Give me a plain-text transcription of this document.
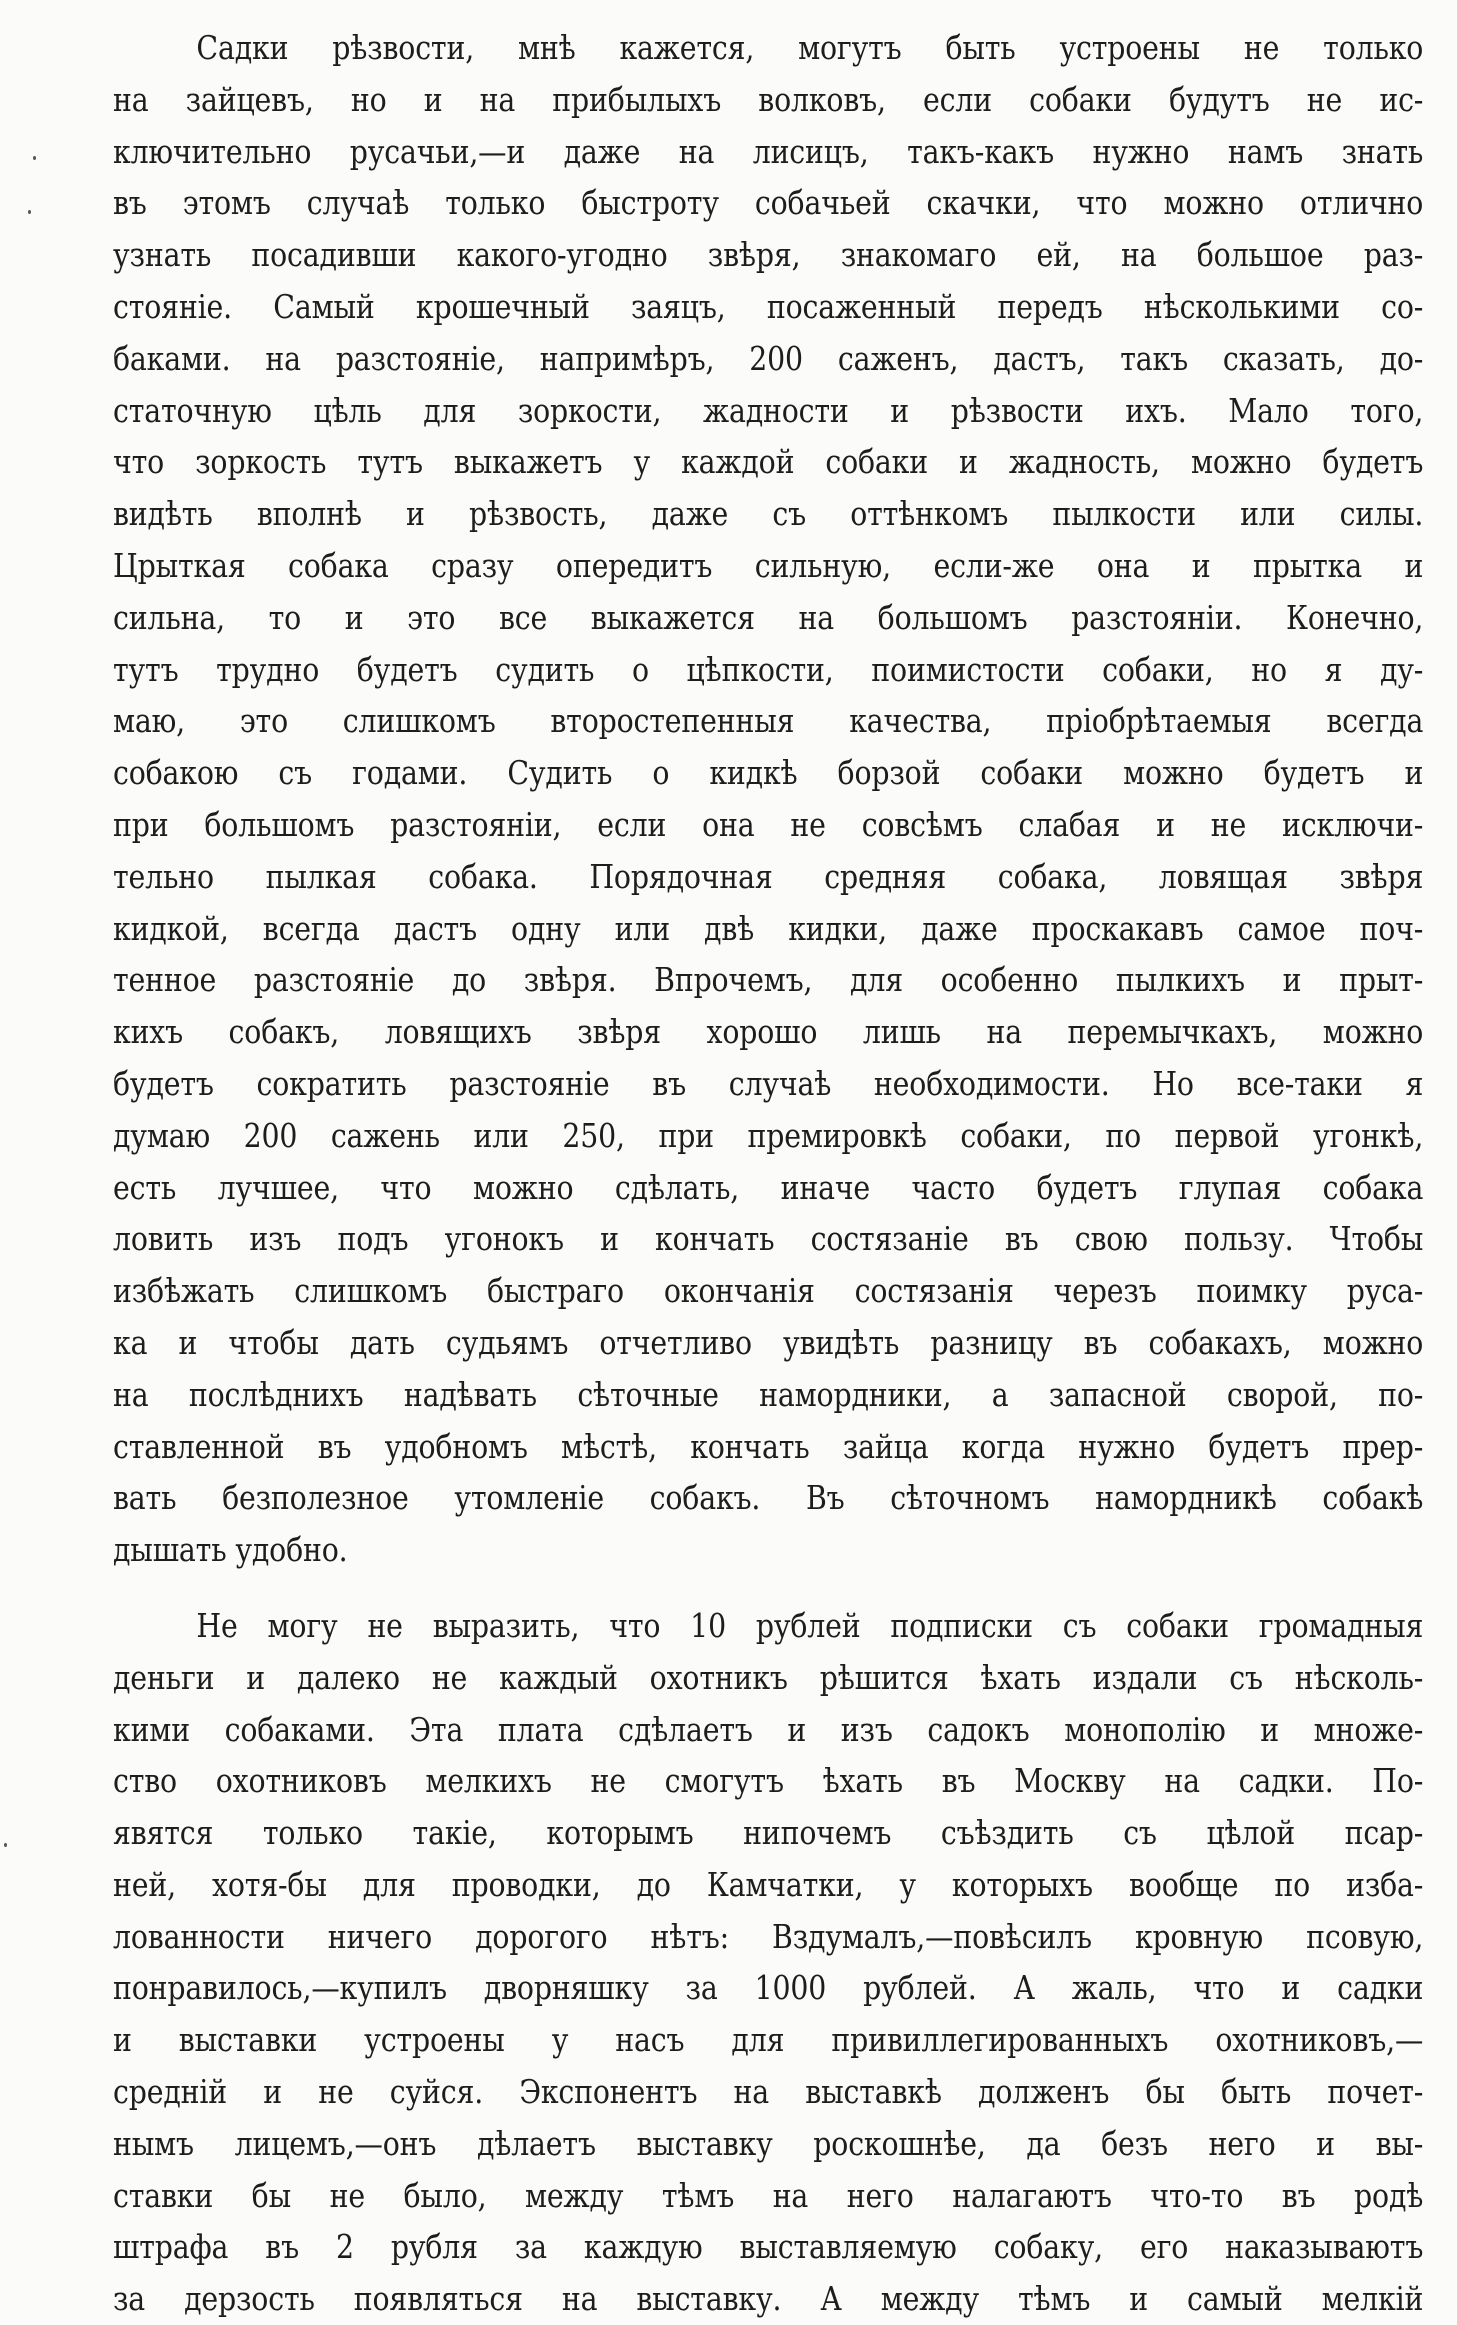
Садки рѣзвости, мнѣ кажется, могутъ быть устроены не только
на зайцевъ, но и на прибылыхъ волковъ, если собаки будутъ не ис-
ключительно русачьи,—и даже на лисицъ, такъ-какъ нужно намъ знать
въ этомъ случаѣ только быстроту собачьей скачки, что можно отлично
узнать посадивши какого-угодно звѣря, знакомаго ей, на большое раз-
стояніе. Самый крошечный заяцъ, посаженный передъ нѣсколькими со-
баками. на разстояніе, напримѣръ, 200 саженъ, дастъ, такъ сказать, до-
статочную цѣль для зоркости, жадности и рѣзвости ихъ. Мало того,
что зоркость тутъ выкажетъ у каждой собаки и жадность, можно будетъ
видѣть вполнѣ и рѣзвость, даже съ оттѣнкомъ пылкости или силы.
Црыткая собака сразу опередитъ сильную, если-же она и прытка и
сильна, то и это все выкажется на большомъ разстояніи. Конечно,
тутъ трудно будетъ судить о цѣпкости, поимистости собаки, но я ду-
маю, это слишкомъ второстепенныя качества, пріобрѣтаемыя всегда
собакою съ годами. Судить о кидкѣ борзой собаки можно будетъ и
при большомъ разстояніи, если она не совсѣмъ слабая и не исключи-
тельно пылкая собака. Порядочная средняя собака, ловящая звѣря
кидкой, всегда дастъ одну или двѣ кидки, даже проскакавъ самое поч-
тенное разстояніе до звѣря. Впрочемъ, для особенно пылкихъ и прыт-
кихъ собакъ, ловящихъ звѣря хорошо лишь на перемычкахъ, можно
будетъ сократить разстояніе въ случаѣ необходимости. Но все-таки я
думаю 200 сажень или 250, при премировкѣ собаки, по первой угонкѣ,
есть лучшее, что можно сдѣлать, иначе часто будетъ глупая собака
ловить изъ подъ угонокъ и кончать состязаніе въ свою пользу. Чтобы
избѣжать слишкомъ быстраго окончанія состязанія черезъ поимку руса-
ка и чтобы дать судьямъ отчетливо увидѣть разницу въ собакахъ, можно
на послѣднихъ надѣвать сѣточные намордники, а запасной сворой, по-
ставленной въ удобномъ мѣстѣ, кончать зайца когда нужно будетъ прер-
вать безполезное утомленіе собакъ. Въ сѣточномъ намордникѣ собакѣ
дышать удобно.

Не могу не выразить, что 10 рублей подписки съ собаки громадныя
деньги и далеко не каждый охотникъ рѣшится ѣхать издали съ нѣсколь-
кими собаками. Эта плата сдѣлаетъ и изъ садокъ монополію и множе-
ство охотниковъ мелкихъ не смогутъ ѣхать въ Москву на садки. По-
явятся только такіе, которымъ нипочемъ съѣздить съ цѣлой псар-
ней, хотя-бы для проводки, до Камчатки, у которыхъ вообще по изба-
лованности ничего дорогого нѣтъ: Вздумалъ,—повѣсилъ кровную псовую,
понравилось,—купилъ дворняшку за 1000 рублей. А жаль, что и садки
и выставки устроены у насъ для привиллегированныхъ охотниковъ,—
средній и не суйся. Экспонентъ на выставкѣ долженъ бы быть почет-
нымъ лицемъ,—онъ дѣлаетъ выставку роскошнѣе, да безъ него и вы-
ставки бы не было, между тѣмъ на него налагаютъ что-то въ родѣ
штрафа въ 2 рубля за каждую выставляемую собаку, его наказываютъ
за дерзость появляться на выставку. А между тѣмъ и самый мелкій
